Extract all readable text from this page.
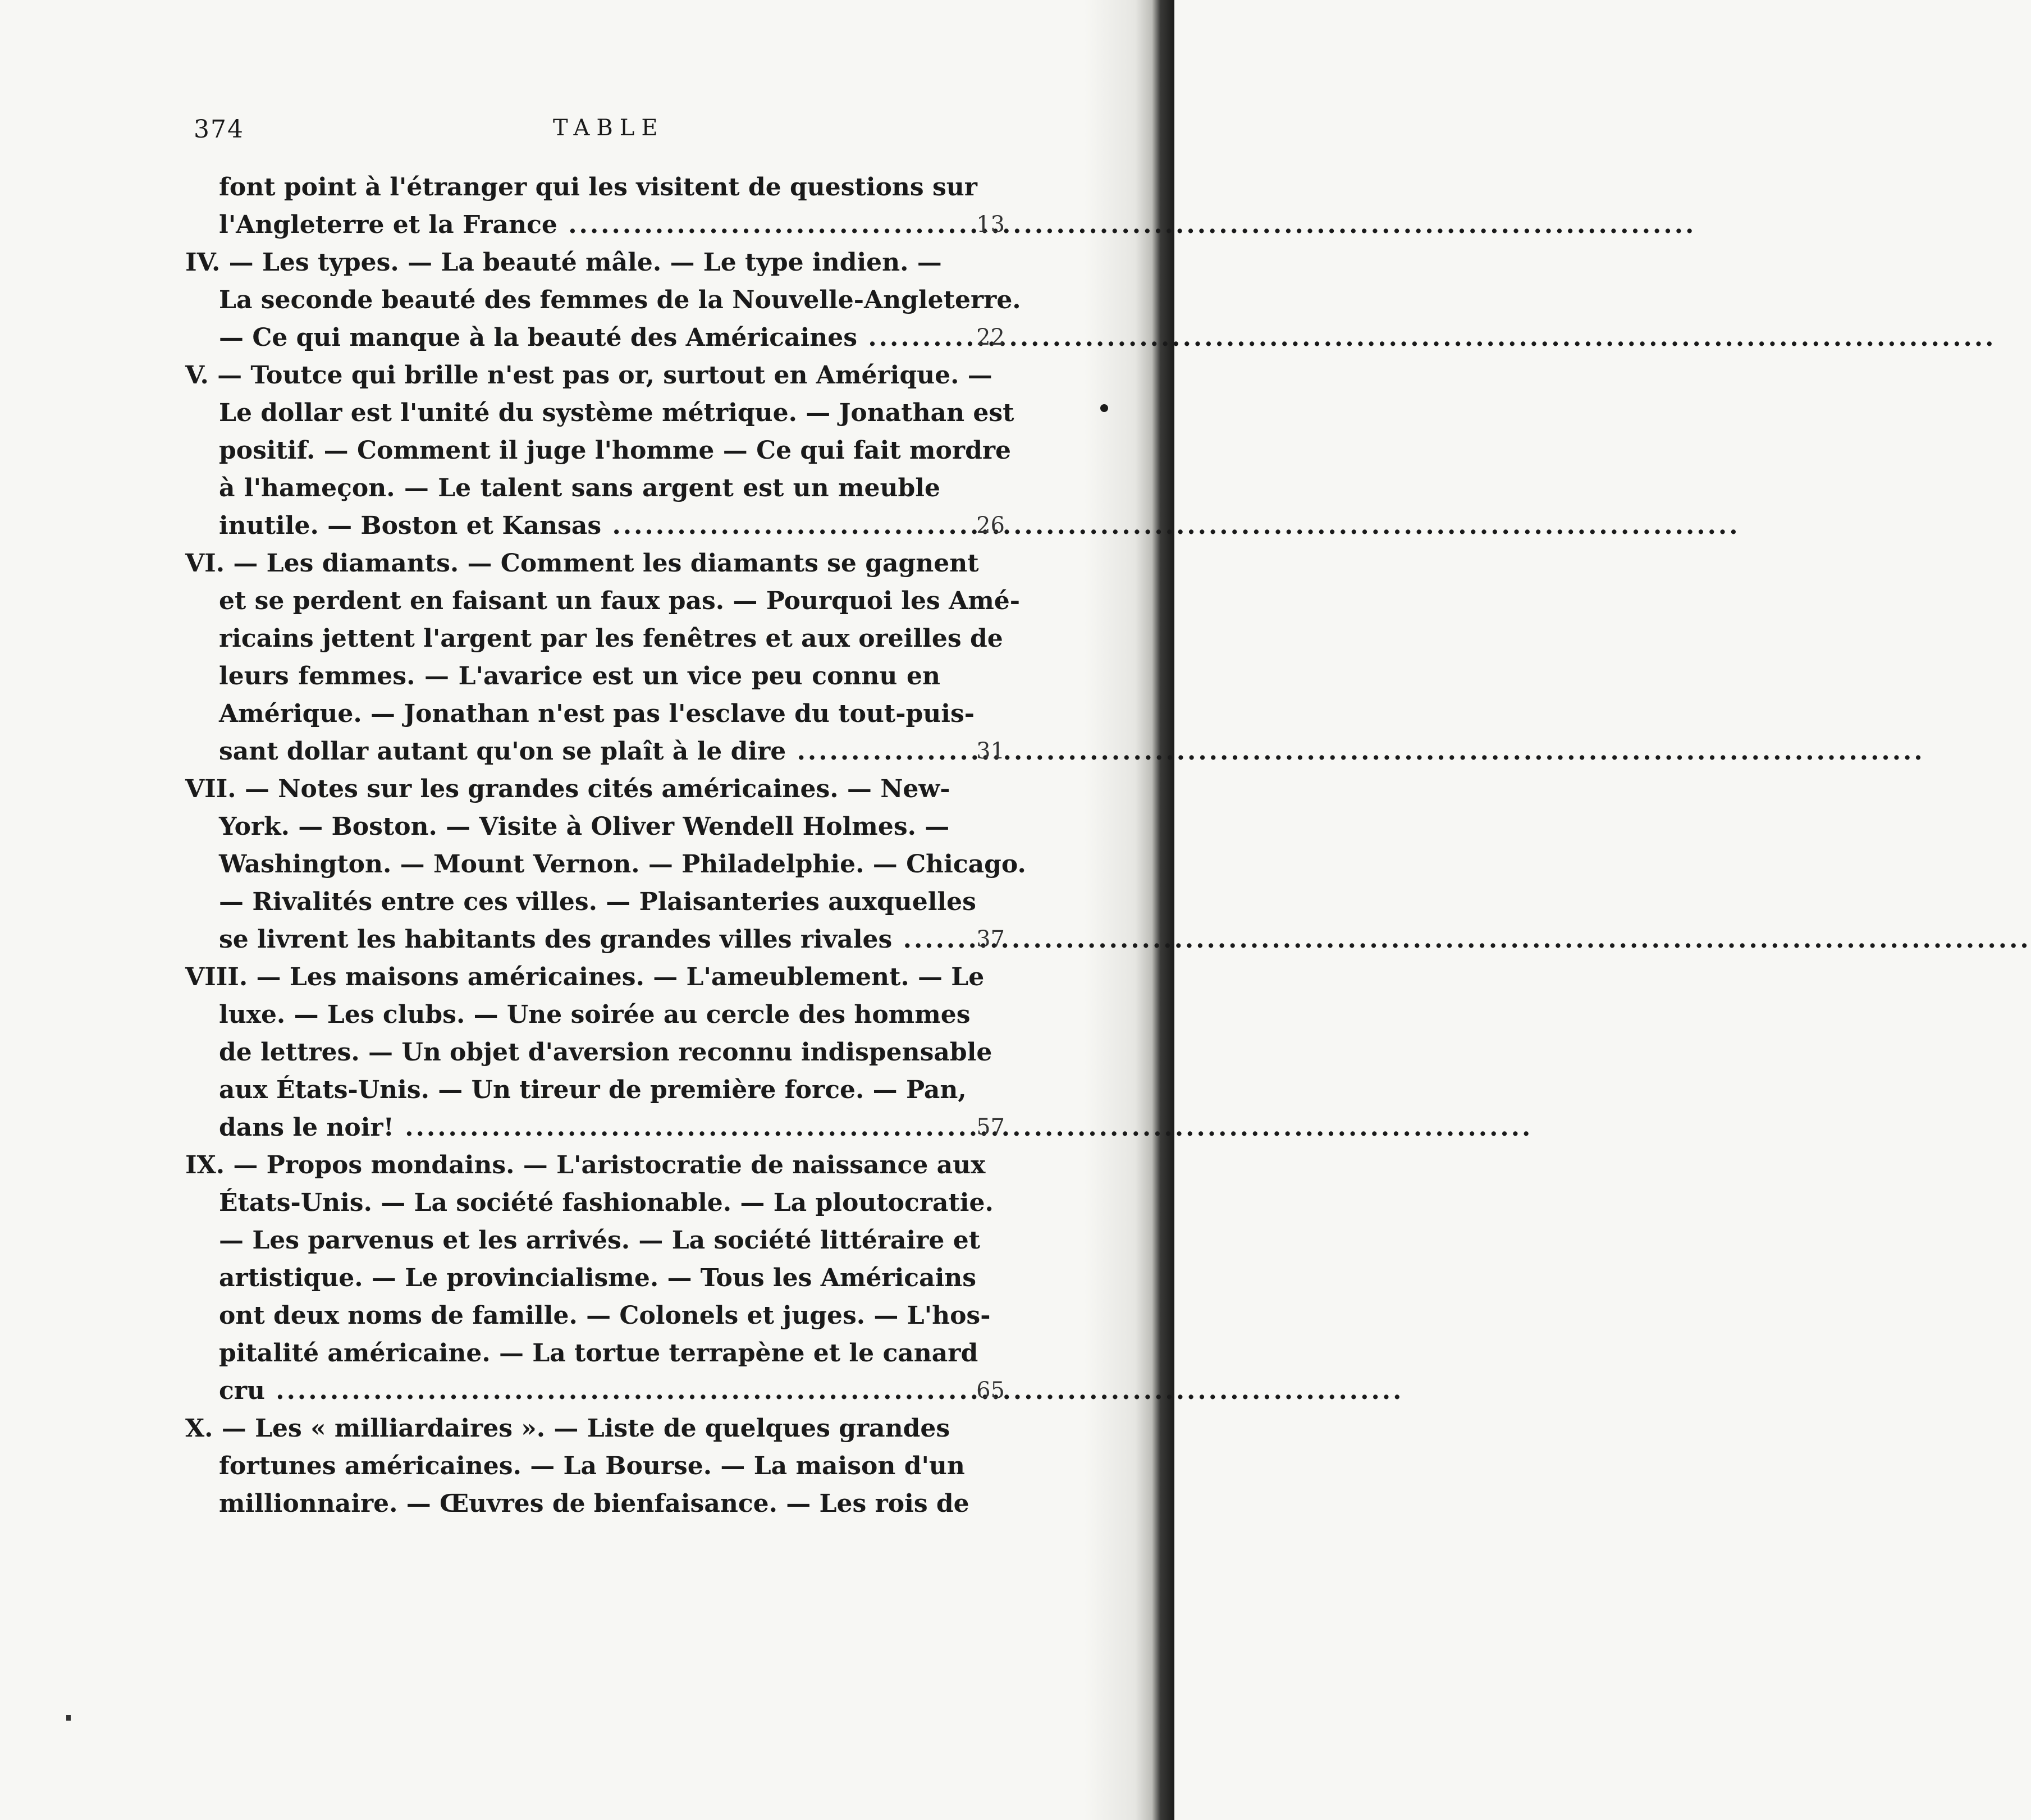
374	TABLE
font point à l'étranger qui les visitent de questions sur
l'Angleterre et la France .....	13
IV. — Les types. — La beauté mâle. — Le type indien. —
La seconde beauté des femmes de la Nouvelle-Angleterre.
— Ce qui manque à la beauté des Américaines .....	22
V. — Toutce qui brille n'est pas or, surtout en Amérique. —
Le dollar est l'unité du système métrique. — Jonathan est
positif. — Comment il juge l'homme — Ce qui fait mordre
à l'hameçon. — Le talent sans argent est un meuble
inutile. — Boston et Kansas .....	26
VI. — Les diamants. — Comment les diamants se gagnent
et se perdent en faisant un faux pas. — Pourquoi les Amé-
ricains jettent l'argent par les fenêtres et aux oreilles de
leurs femmes. — L'avarice est un vice peu connu en
Amérique. — Jonathan n'est pas l'esclave du tout-puis-
sant dollar autant qu'on se plaît à le dire .....	31
VII. — Notes sur les grandes cités américaines. — New-
York. — Boston. — Visite à Oliver Wendell Holmes. —
Washington. — Mount Vernon. — Philadelphie. — Chicago.
— Rivalités entre ces villes. — Plaisanteries auxquelles
se livrent les habitants des grandes villes rivales .....	37
VIII. — Les maisons américaines. — L'ameublement. — Le
luxe. — Les clubs. — Une soirée au cercle des hommes
de lettres. — Un objet d'aversion reconnu indispensable
aux États-Unis. — Un tireur de première force. — Pan,
dans le noir! .....	57
IX. — Propos mondains. — L'aristocratie de naissance aux
États-Unis. — La société fashionable. — La ploutocratie.
— Les parvenus et les arrivés. — La société littéraire et
artistique. — Le provincialisme. — Tous les Américains
ont deux noms de famille. — Colonels et juges. — L'hos-
pitalité américaine. — La tortue terrapène et le canard
cru .....	65
X. — Les « milliardaires ». — Liste de quelques grandes
fortunes américaines. — La Bourse. — La maison d'un
millionnaire. — Œuvres de bienfaisance. — Les rois de
